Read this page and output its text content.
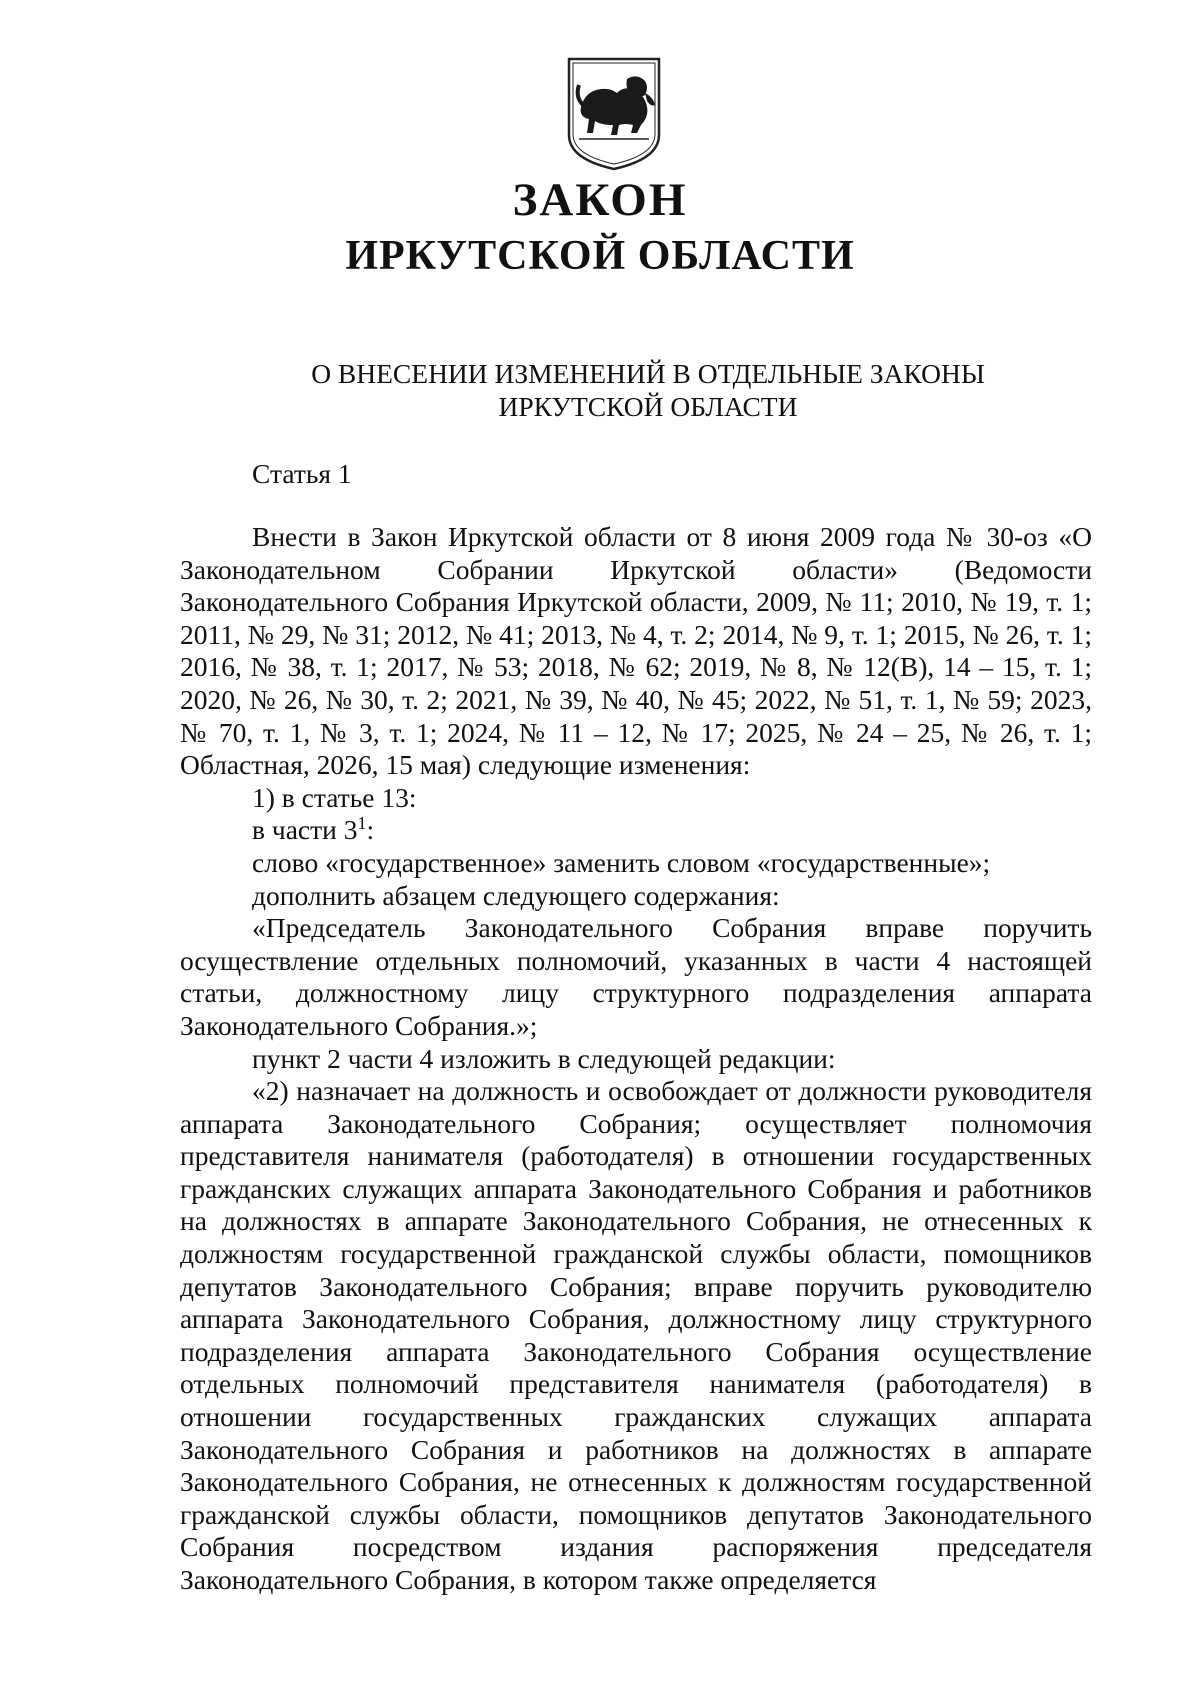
ЗАКОН
ИРКУТСКОЙ ОБЛАСТИ
О ВНЕСЕНИИ ИЗМЕНЕНИЙ В ОТДЕЛЬНЫЕ ЗАКОНЫ
ИРКУТСКОЙ ОБЛАСТИ
Статья 1

Внести в Закон Иркутской области от 8 июня 2009 года № 30-оз «О Законодательном Собрании Иркутской области» (Ведомости Законодательного Собрания Иркутской области, 2009, № 11; 2010, № 19, т. 1; 2011, № 29, № 31; 2012, № 41; 2013, № 4, т. 2; 2014, № 9, т. 1; 2015, № 26, т. 1; 2016, № 38, т. 1; 2017, № 53; 2018, № 62; 2019, № 8, № 12(В), 14 – 15, т. 1; 2020, № 26, № 30, т. 2; 2021, № 39, № 40, № 45; 2022, № 51, т. 1, № 59; 2023, № 70, т. 1, № 3, т. 1; 2024, № 11 – 12, № 17; 2025, № 24 – 25, № 26, т. 1; Областная, 2026, 15 мая) следующие изменения:

1) в статье 13:

в части $3^1$:

слово «государственное» заменить словом «государственные»;

дополнить абзацем следующего содержания:

«Председатель Законодательного Собрания вправе поручить осуществление отдельных полномочий, указанных в части 4 настоящей статьи, должностному лицу структурного подразделения аппарата Законодательного Собрания.»;

пункт 2 части 4 изложить в следующей редакции:

«2) назначает на должность и освобождает от должности руководителя аппарата Законодательного Собрания; осуществляет полномочия представителя нанимателя (работодателя) в отношении государственных гражданских служащих аппарата Законодательного Собрания и работников на должностях в аппарате Законодательного Собрания, не отнесенных к должностям государственной гражданской службы области, помощников депутатов Законодательного Собрания; вправе поручить руководителю аппарата Законодательного Собрания, должностному лицу структурного подразделения аппарата Законодательного Собрания осуществление отдельных полномочий представителя нанимателя (работодателя) в отношении государственных гражданских служащих аппарата Законодательного Собрания и работников на должностях в аппарате Законодательного Собрания, не отнесенных к должностям государственной гражданской службы области, помощников депутатов Законодательного Собрания посредством издания распоряжения председателя Законодательного Собрания, в котором также определяется
